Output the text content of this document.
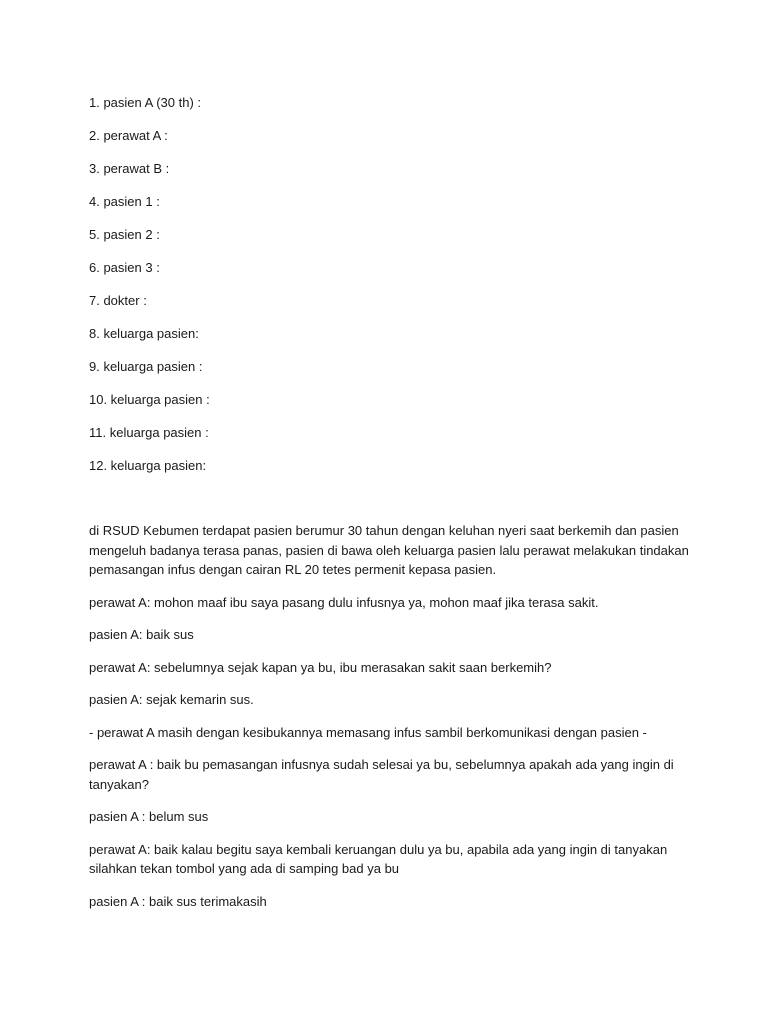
1. pasien A (30 th) :
2. perawat A :
3. perawat B :
4. pasien 1 :
5. pasien 2 :
6. pasien 3 :
7. dokter :
8. keluarga pasien:
9. keluarga pasien :
10. keluarga pasien :
11. keluarga pasien :
12. keluarga pasien:

di RSUD Kebumen terdapat pasien berumur 30 tahun dengan keluhan nyeri saat berkemih dan pasien mengeluh badanya terasa panas, pasien di bawa oleh keluarga pasien lalu perawat melakukan tindakan pemasangan infus dengan cairan RL 20 tetes permenit kepasa pasien.

perawat A: mohon maaf ibu saya pasang dulu infusnya ya, mohon maaf jika terasa sakit.

pasien A: baik sus

perawat A: sebelumnya sejak kapan ya bu, ibu merasakan sakit saan berkemih?

pasien A: sejak kemarin sus.

- perawat A masih dengan kesibukannya memasang infus sambil berkomunikasi dengan pasien -

perawat A : baik bu pemasangan infusnya sudah selesai ya bu, sebelumnya apakah ada yang ingin di tanyakan?

pasien A : belum sus

perawat A: baik kalau begitu saya kembali keruangan dulu ya bu, apabila ada yang ingin di tanyakan silahkan tekan tombol yang ada di samping bad ya bu

pasien A : baik sus terimakasih
